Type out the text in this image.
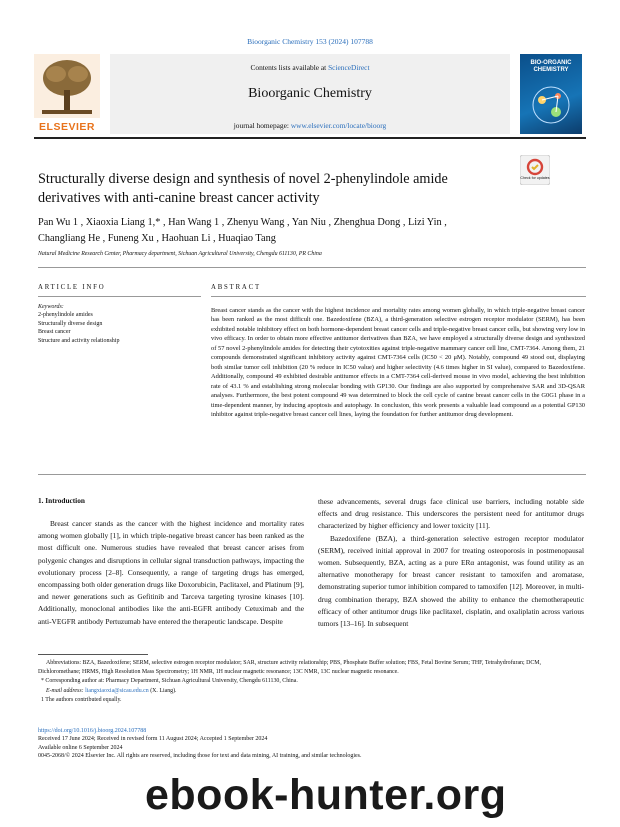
Bioorganic Chemistry 153 (2024) 107788
ELSEVIER
Contents lists available at ScienceDirect
Bioorganic Chemistry
journal homepage: www.elsevier.com/locate/bioorg
BIO-ORGANIC CHEMISTRY
Structurally diverse design and synthesis of novel 2-phenylindole amide derivatives with anti-canine breast cancer activity
Check for updates
Pan Wu 1 , Xiaoxia Liang 1,* , Han Wang 1 , Zhenyu Wang , Yan Niu , Zhenghua Dong , Lizi Yin ,
Changliang He , Funeng Xu , Haohuan Li , Huaqiao Tang
Natural Medicine Research Center, Pharmacy department, Sichuan Agricultural University, Chengdu 611130, PR China
ARTICLE INFO	ABSTRACT
Keywords:
2-phenylindole amides
Structurally diverse design
Breast cancer
Structure and activity relationship
Breast cancer stands as the cancer with the highest incidence and mortality rates among women globally, in which triple-negative breast cancer has been ranked as the most difficult one. Bazedoxifene (BZA), a third-generation selective estrogen receptor modulator (SERM), has been exhibited notable inhibitory effect on both hormone-dependent breast cancer cells and triple-negative breast cancer cells, but showing very low in vivo efficacy. In order to obtain more effective antitumor derivatives than BZA, we have employed a structurally diverse design and synthesized of 57 novel 2-phenylindole amides for detecting their cytotoxities against triple-negative mammary cancer cell line, CMT-7364. Among them, 21 compounds demonstrated significant inhibitory activity against CMT-7364 cells (IC50 < 20 μM). Notably, compound 49 stood out, displaying both similar tumor cell inhibition (20 % reduce in IC50 value) and higher selectivity (4.6 times higher in SI value), compared to Bazedoxifene. Additionally, compound 49 exhibited desirable antitumor effects in a CMT-7364 cell-derived mouse in vivo model, achieving the best inhibition rate of 43.1 % and establishing strong molecular bonding with GP130. Our findings are also supported by comprehensive SAR and 3D-QSAR analyses. Furthermore, the best potent compound 49 was determined to block the cell cycle of canine breast cancer cells in the G0G1 phase in a time-dependent manner, by inducing apoptosis and autophagy. In conclusion, this work presents a valuable lead compound as a potential GP130 inhibitor against triple-negative breast cancer cell lines, laying the foundation for further antitumor drug development.
1. Introduction

Breast cancer stands as the cancer with the highest incidence and mortality rates among women globally [1], in which triple-negative breast cancer has been ranked as the most difficult one. Numerous studies have revealed that breast cancer arises from polygenic changes and disruptions in cellular signal transduction pathways, impacting the evolutionary process [2–8]. Consequently, a range of targeting drugs has emerged, encompassing both older generation drugs like Doxorubicin, Paclitaxel, and Platinum [9], and newer generations such as Gefitinib and Tarceva targeting tyrosine kinases [10]. Additionally, monoclonal antibodies like the anti-EGFR antibody Cetuximab and the anti-VEGFR antibody Pertuzumab have entered the therapeutic landscape. Despite

these advancements, several drugs face clinical use barriers, including notable side effects and drug resistance. This underscores the persistent need for antitumor drugs characterized by higher efficiency and lower toxicity [11].

Bazedoxifene (BZA), a third-generation selective estrogen receptor modulator (SERM), received initial approval in 2007 for treating osteoporosis in postmenopausal women. Subsequently, BZA, acting as a pure ERα antagonist, was found utility as an alternative monotherapy for breast cancer resistant to tamoxifen and aromatase, demonstrating superior tumor inhibition compared to tamoxifen [12]. Moreover, in multi-drug combination therapy, BZA showed the ability to enhance the chemotherapeutic efficacy of other antitumor drugs like paclitaxel, cisplatin, and oxaliplatin across various tumors [13–16]. In subsequent

Abbreviations: BZA, Bazedoxifene; SERM, selective estrogen receptor modulator; SAR, structure activity relationship; PBS, Phosphate Buffer solution; FBS, Fetal Bovine Serum; THF, Tetrahydrofuran; DCM, Dichloromethane; HRMS, High Resolution Mass Spectrometry; 1H NMR, 1H nuclear magnetic resonance; 13C NMR, 13C nuclear magnetic resonance.
* Corresponding author at: Pharmacy Department, Sichuan Agricultural University, Chengdu 611130, China.
E-mail address: liangxiaoxia@sicau.edu.cn (X. Liang).
1 The authors contributed equally.
https://doi.org/10.1016/j.bioorg.2024.107788
Received 17 June 2024; Received in revised form 11 August 2024; Accepted 1 September 2024
Available online 6 September 2024
0045-2068/© 2024 Elsevier Inc. All rights are reserved, including those for text and data mining, AI training, and similar technologies.
ebook-hunter.org
